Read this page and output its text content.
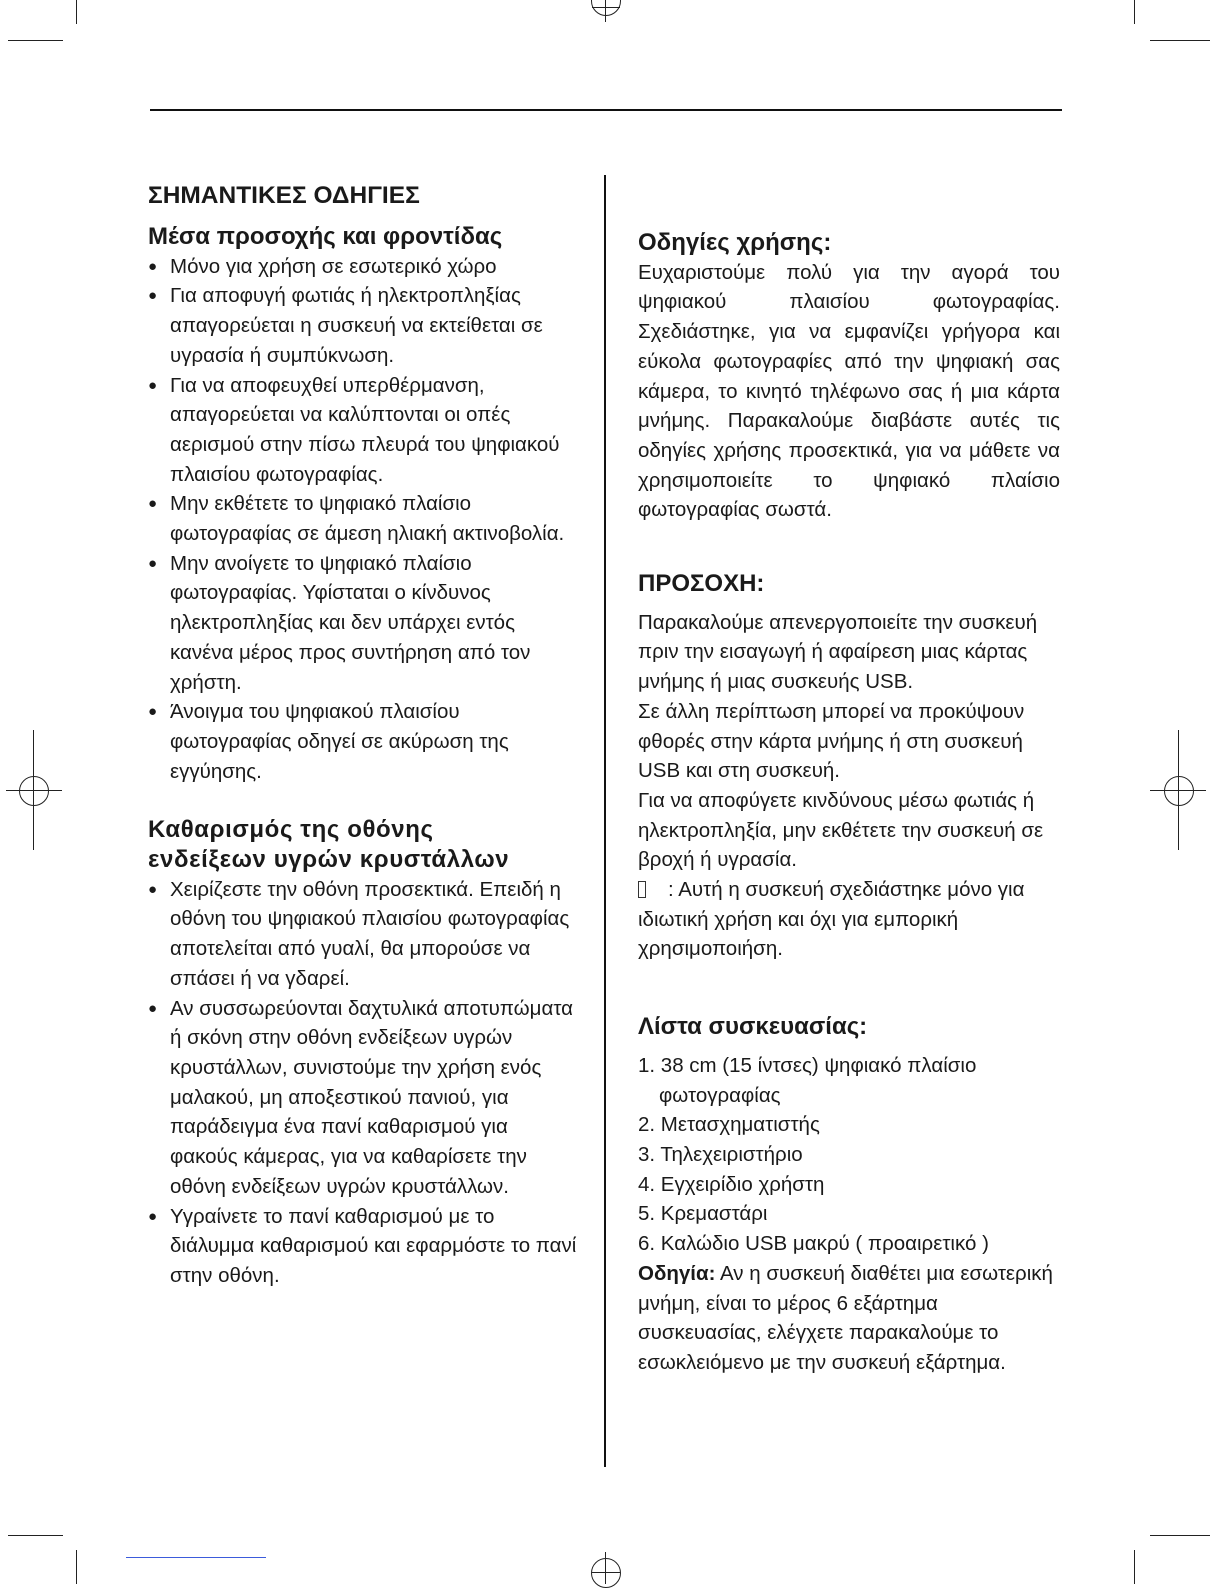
ΣΗΜΑΝΤΙΚΕΣ ΟΔΗΓΙΕΣ
Μέσα προσοχής και φροντίδας
● Μόνο για χρήση σε εσωτερικό χώρο
● Για αποφυγή φωτιάς ή ηλεκτροπληξίας απαγορεύεται η συσκευή να εκτείθεται σε υγρασία ή συμπύκνωση.
● Για να αποφευχθεί υπερθέρμανση, απαγορεύεται να καλύπτονται οι οπές αερισμού στην πίσω πλευρά του ψηφιακού πλαισίου φωτογραφίας.
● Μην εκθέτετε το ψηφιακό πλαίσιο φωτογραφίας σε άμεση ηλιακή ακτινοβολία.
● Μην ανοίγετε το ψηφιακό πλαίσιο φωτογραφίας. Υφίσταται ο κίνδυνος ηλεκτροπληξίας και δεν υπάρχει εντός κανένα μέρος προς συντήρηση από τον χρήστη.
● Άνοιγμα του ψηφιακού πλαισίου φωτογραφίας οδηγεί σε ακύρωση της εγγύησης.
Καθαρισμός της οθόνης
ενδείξεων υγρών κρυστάλλων
● Χειρίζεστε την οθόνη προσεκτικά. Επειδή η οθόνη του ψηφιακού πλαισίου φωτογραφίας αποτελείται από γυαλί, θα μπορούσε να σπάσει ή να γδαρεί.
● Αν συσσωρεύονται δαχτυλικά αποτυπώματα ή σκόνη στην οθόνη ενδείξεων υγρών κρυστάλλων, συνιστούμε την χρήση ενός μαλακού, μη αποξεστικού πανιού, για παράδειγμα ένα πανί καθαρισμού για φακούς κάμερας, για να καθαρίσετε την οθόνη ενδείξεων υγρών κρυστάλλων.
● Υγραίνετε το πανί καθαρισμού με το διάλυμμα καθαρισμού και εφαρμόστε το πανί στην οθόνη.
Οδηγίες χρήσης:

Ευχαριστούμε πολύ για την αγορά του ψηφιακού πλαισίου φωτογραφίας. Σχεδιάστηκε, για να εμφανίζει γρήγορα και εύκολα φωτογραφίες από την ψηφιακή σας κάμερα, το κινητό τηλέφωνο σας ή μια κάρτα μνήμης. Παρακαλούμε διαβάστε αυτές τις οδηγίες χρήσης προσεκτικά, για να μάθετε να χρησιμοποιείτε το ψηφιακό πλαίσιο φωτογραφίας σωστά.

ΠΡΟΣΟΧΗ:

Παρακαλούμε απενεργοποιείτε την συσκευή πριν την εισαγωγή ή αφαίρεση μιας κάρτας μνήμης ή μιας συσκευής USB.

Σε άλλη περίπτωση μπορεί να προκύψουν φθορές στην κάρτα μνήμης ή στη συσκευή USB και στη συσκευή.

Για να αποφύγετε κινδύνους μέσω φωτιάς ή ηλεκτροπληξία, μην εκθέτετε την συσκευή σε βροχή ή υγρασία.

: Αυτή η συσκευή σχεδιάστηκε μόνο για ιδιωτική χρήση και όχι για εμπορική χρησιμοποιήση.

Λίστα συσκευασίας:
1. 38 cm (15 ίντσες) ψηφιακό πλαίσιο φωτογραφίας
2. Μετασχηματιστής
3. Τηλεχειριστήριο
4. Εγχειρίδιο χρήστη
5. Κρεμαστάρι
6. Καλώδιο USB μακρύ ( προαιρετικό )

Οδηγία: Αν η συσκευή διαθέτει μια εσωτερική μνήμη, είναι το μέρος 6 εξάρτημα συσκευασίας, ελέγχετε παρακαλούμε το εσωκλειόμενο με την συσκευή εξάρτημα.
